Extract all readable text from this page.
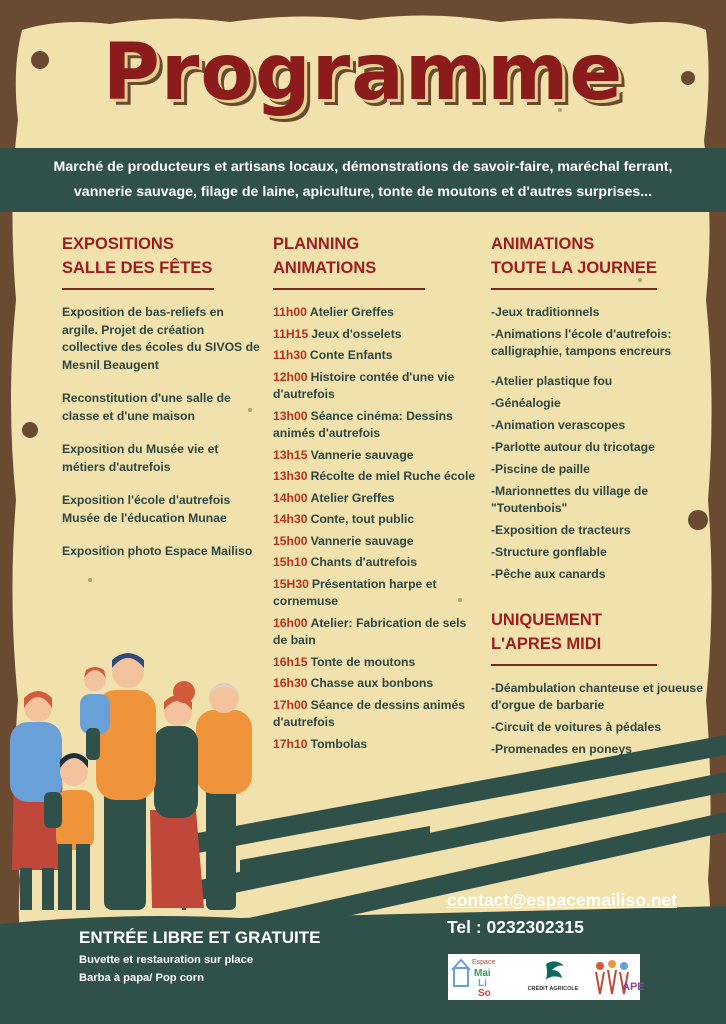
Programme

Marché de producteurs et artisans locaux, démonstrations de savoir-faire, maréchal ferrant, vannerie sauvage, filage de laine, apiculture, tonte de moutons et d'autres surprises...

EXPOSITIONS
SALLE DES FÊTES

Exposition de bas-reliefs en argile. Projet de création collective des écoles du SIVOS de Mesnil Beaugent

Reconstitution d'une salle de classe et d'une maison

Exposition du Musée vie et métiers d'autrefois

Exposition l'école d'autrefois Musée de l'éducation Munae

Exposition photo Espace Mailiso

PLANNING
ANIMATIONS

11h00 Atelier Greffes

11H15 Jeux d'osselets

11h30 Conte Enfants

12h00 Histoire contée d'une vie d'autrefois

13h00 Séance cinéma: Dessins animés d'autrefois

13h15 Vannerie sauvage

13h30 Récolte de miel Ruche école

14h00 Atelier Greffes

14h30 Conte, tout public

15h00 Vannerie sauvage

15h10 Chants d'autrefois

15H30 Présentation harpe et cornemuse

16h00 Atelier: Fabrication de sels de bain

16h15 Tonte de moutons

16h30 Chasse aux bonbons

17h00 Séance de dessins animés d'autrefois

17h10 Tombolas

ANIMATIONS
TOUTE LA JOURNEE

-Jeux traditionnels

-Animations l'école d'autrefois: calligraphie, tampons encreurs

-Atelier plastique fou

-Généalogie

-Animation verascopes

-Parlotte autour du tricotage

-Piscine de paille

-Marionnettes du village de "Toutenbois"

-Exposition de tracteurs

-Structure gonflable

-Pêche aux canards

UNIQUEMENT
L'APRES MIDI

-Déambulation chanteuse et joueuse d'orgue de barbarie

-Circuit de voitures à pédales

-Promenades en poneys

ENTRÉE LIBRE ET GRATUITE

Buvette et restauration sur place

Barba à papa/ Pop corn

contact@espacemailiso.net

Tel : 0232302315

Espace
Mai
Li
So	CRÉDIT AGRICOLE	APE
